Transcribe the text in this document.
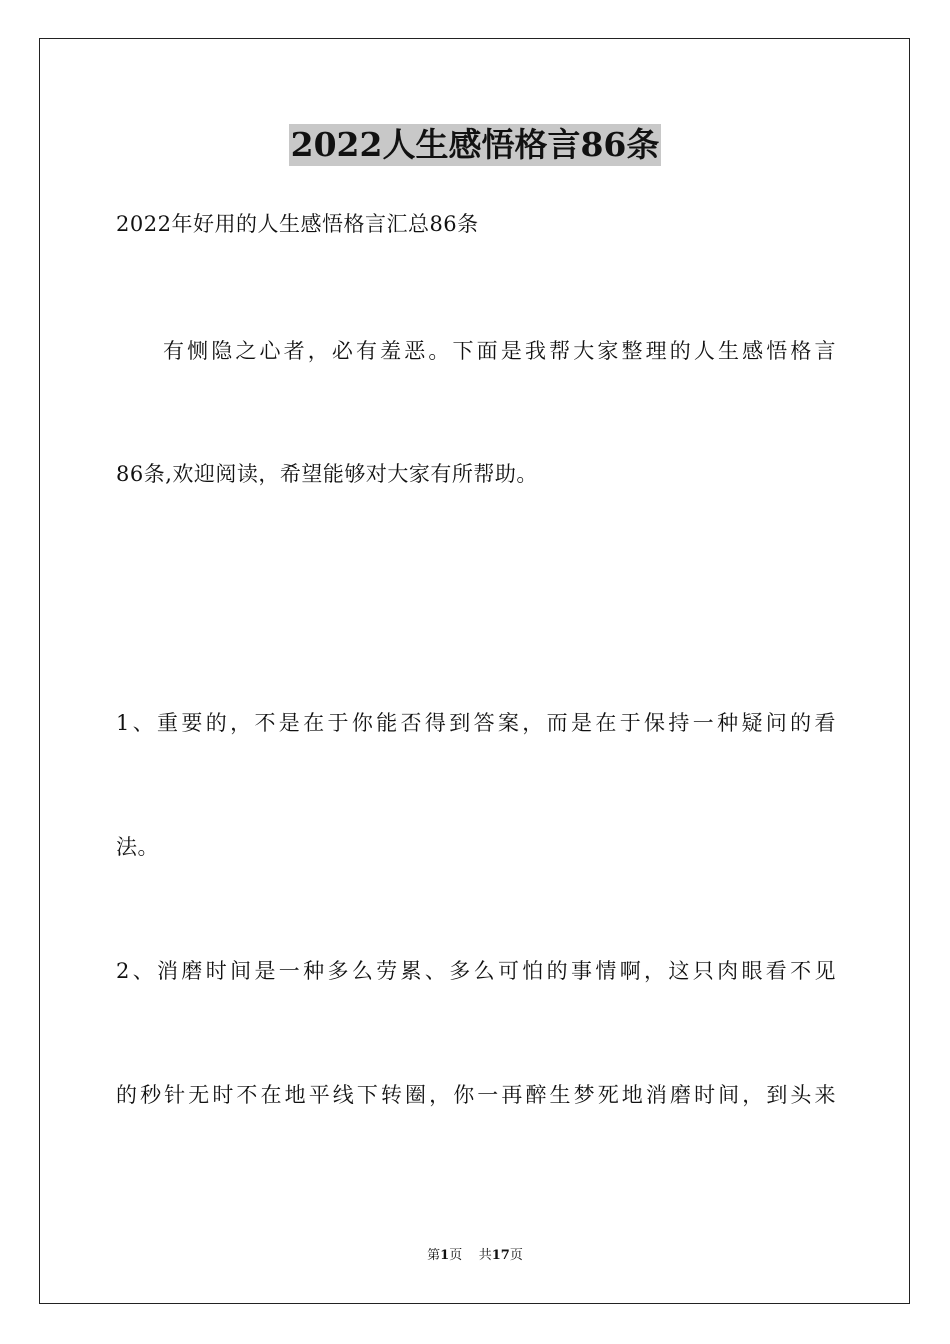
2022人生感悟格言86条
2022年好用的人生感悟格言汇总86条
有恻隐之心者，必有羞恶。下面是我帮大家整理的人生感悟格言
86条,欢迎阅读，希望能够对大家有所帮助。
1、重要的，不是在于你能否得到答案，而是在于保持一种疑问的看
法。
2、消磨时间是一种多么劳累、多么可怕的事情啊，这只肉眼看不见
的秒针无时不在地平线下转圈，你一再醉生梦死地消磨时间，到头来
第1页 共17页
